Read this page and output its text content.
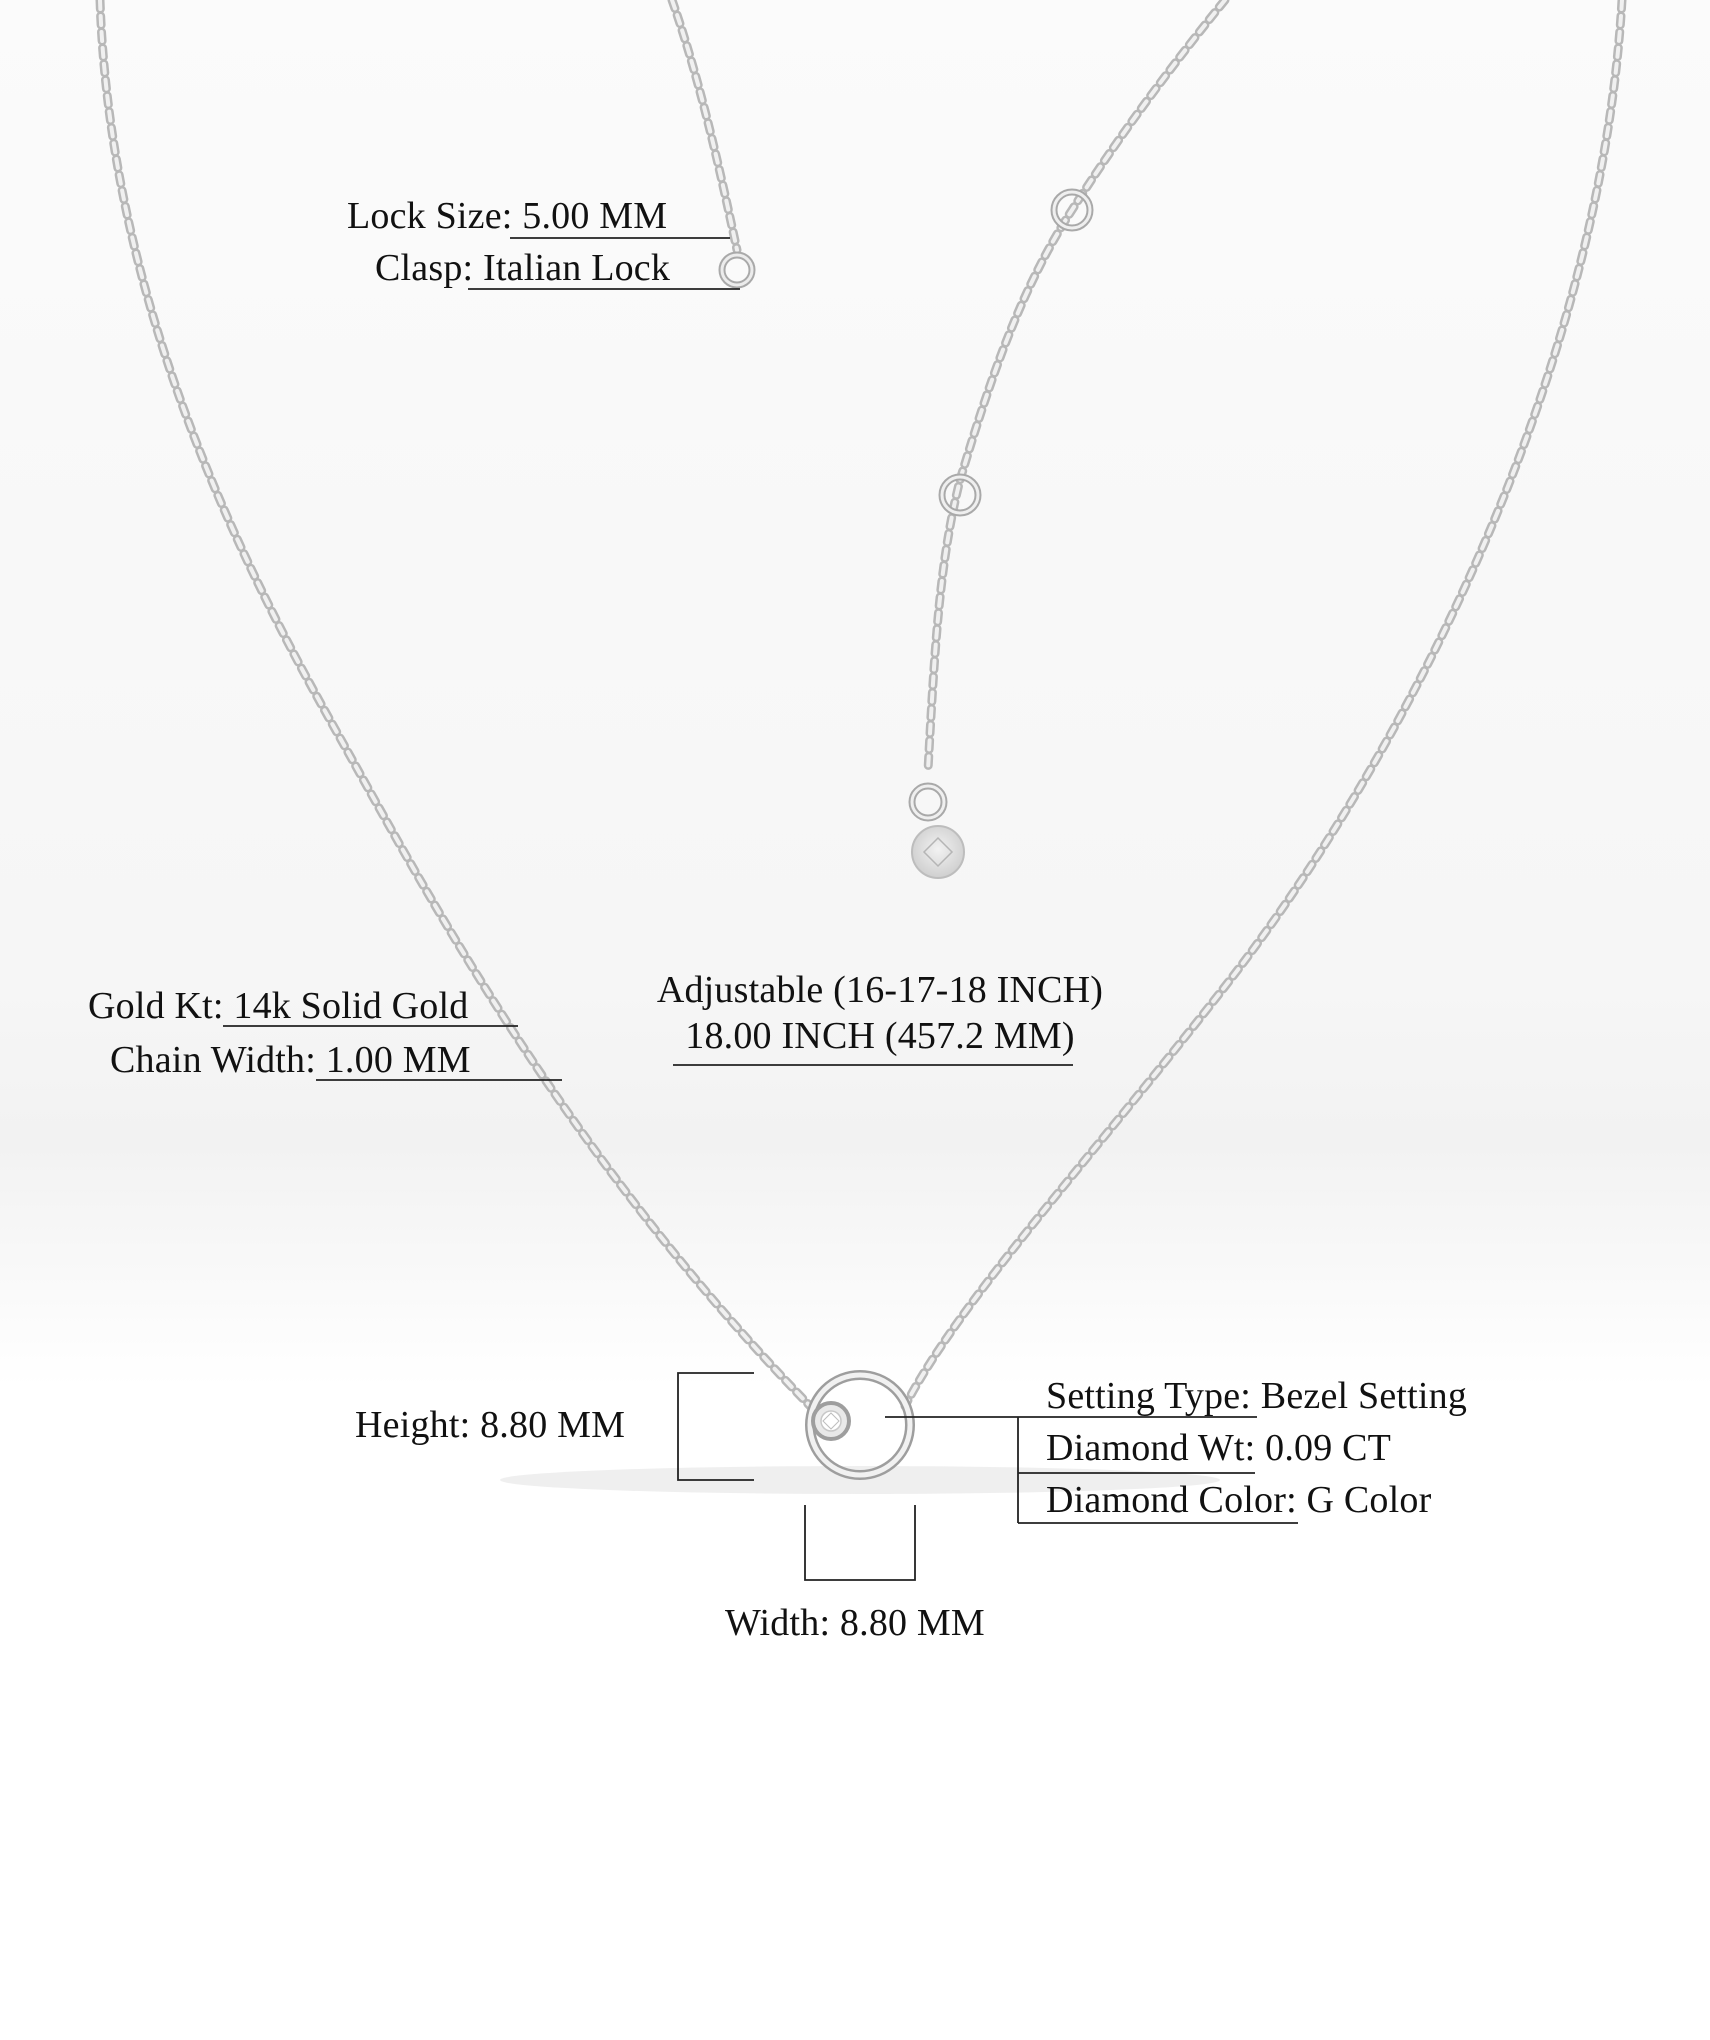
Lock Size: 5.00 MM
Clasp: Italian Lock
Gold Kt: 14k Solid Gold
Chain Width: 1.00 MM
Adjustable (16-17-18 INCH)
18.00 INCH (457.2 MM)
Height: 8.80 MM
Width: 8.80 MM
Setting Type: Bezel Setting
Diamond Wt: 0.09 CT
Diamond Color: G Color
